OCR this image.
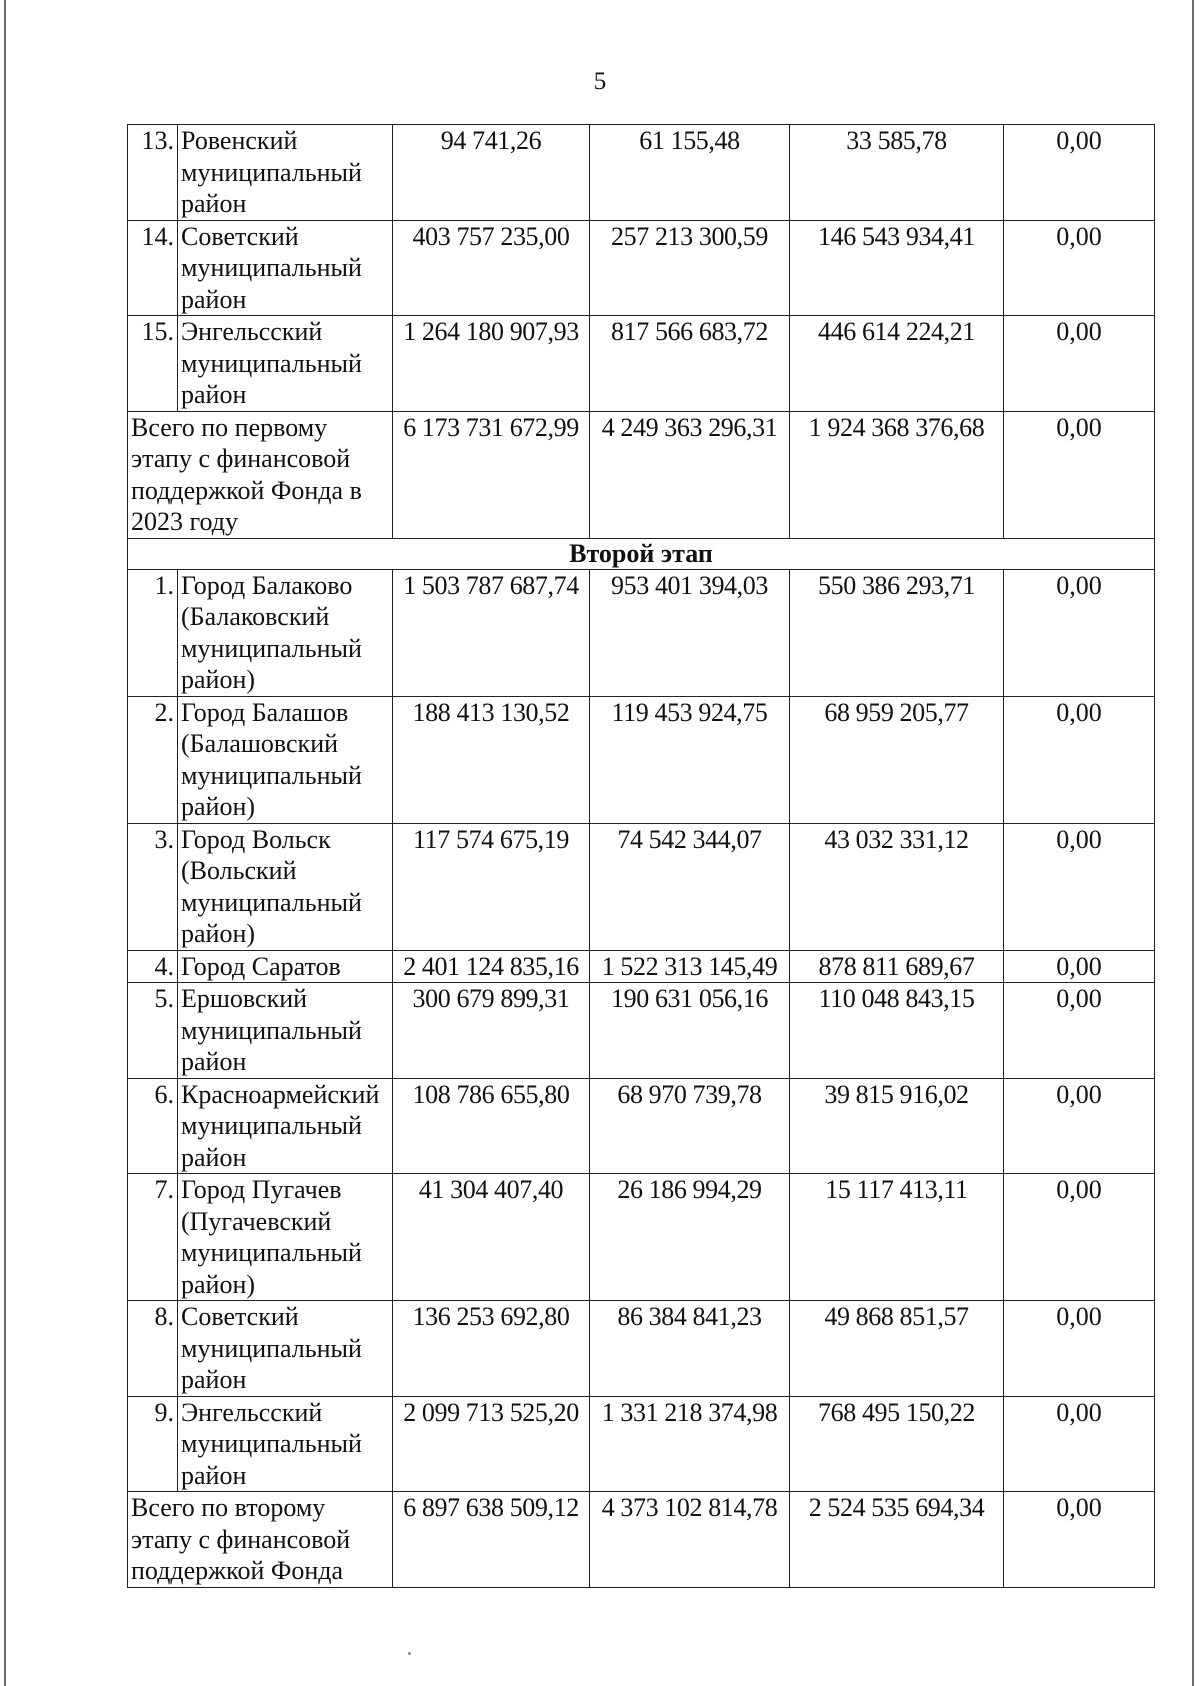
5
13.	Ровенский муниципальный район	94 741,26	61 155,48	33 585,78	0,00
14.	Советский муниципальный район	403 757 235,00	257 213 300,59	146 543 934,41	0,00
15.	Энгельсский муниципальный район	1 264 180 907,93	817 566 683,72	446 614 224,21	0,00
Всего по первому этапу с финансовой поддержкой Фонда в 2023 году		6 173 731 672,99	4 249 363 296,31	1 924 368 376,68	0,00
Второй этап					
1.	Город Балаково (Балаковский муниципальный район)	1 503 787 687,74	953 401 394,03	550 386 293,71	0,00
2.	Город Балашов (Балашовский муниципальный район)	188 413 130,52	119 453 924,75	68 959 205,77	0,00
3.	Город Вольск (Вольский муниципальный район)	117 574 675,19	74 542 344,07	43 032 331,12	0,00
4.	Город Саратов	2 401 124 835,16	1 522 313 145,49	878 811 689,67	0,00
5.	Ершовский муниципальный район	300 679 899,31	190 631 056,16	110 048 843,15	0,00
6.	Красноармейский муниципальный район	108 786 655,80	68 970 739,78	39 815 916,02	0,00
7.	Город Пугачев (Пугачевский муниципальный район)	41 304 407,40	26 186 994,29	15 117 413,11	0,00
8.	Советский муниципальный район	136 253 692,80	86 384 841,23	49 868 851,57	0,00
9.	Энгельсский муниципальный район	2 099 713 525,20	1 331 218 374,98	768 495 150,22	0,00
Всего по второму этапу с финансовой поддержкой Фонда		6 897 638 509,12	4 373 102 814,78	2 524 535 694,34	0,00
